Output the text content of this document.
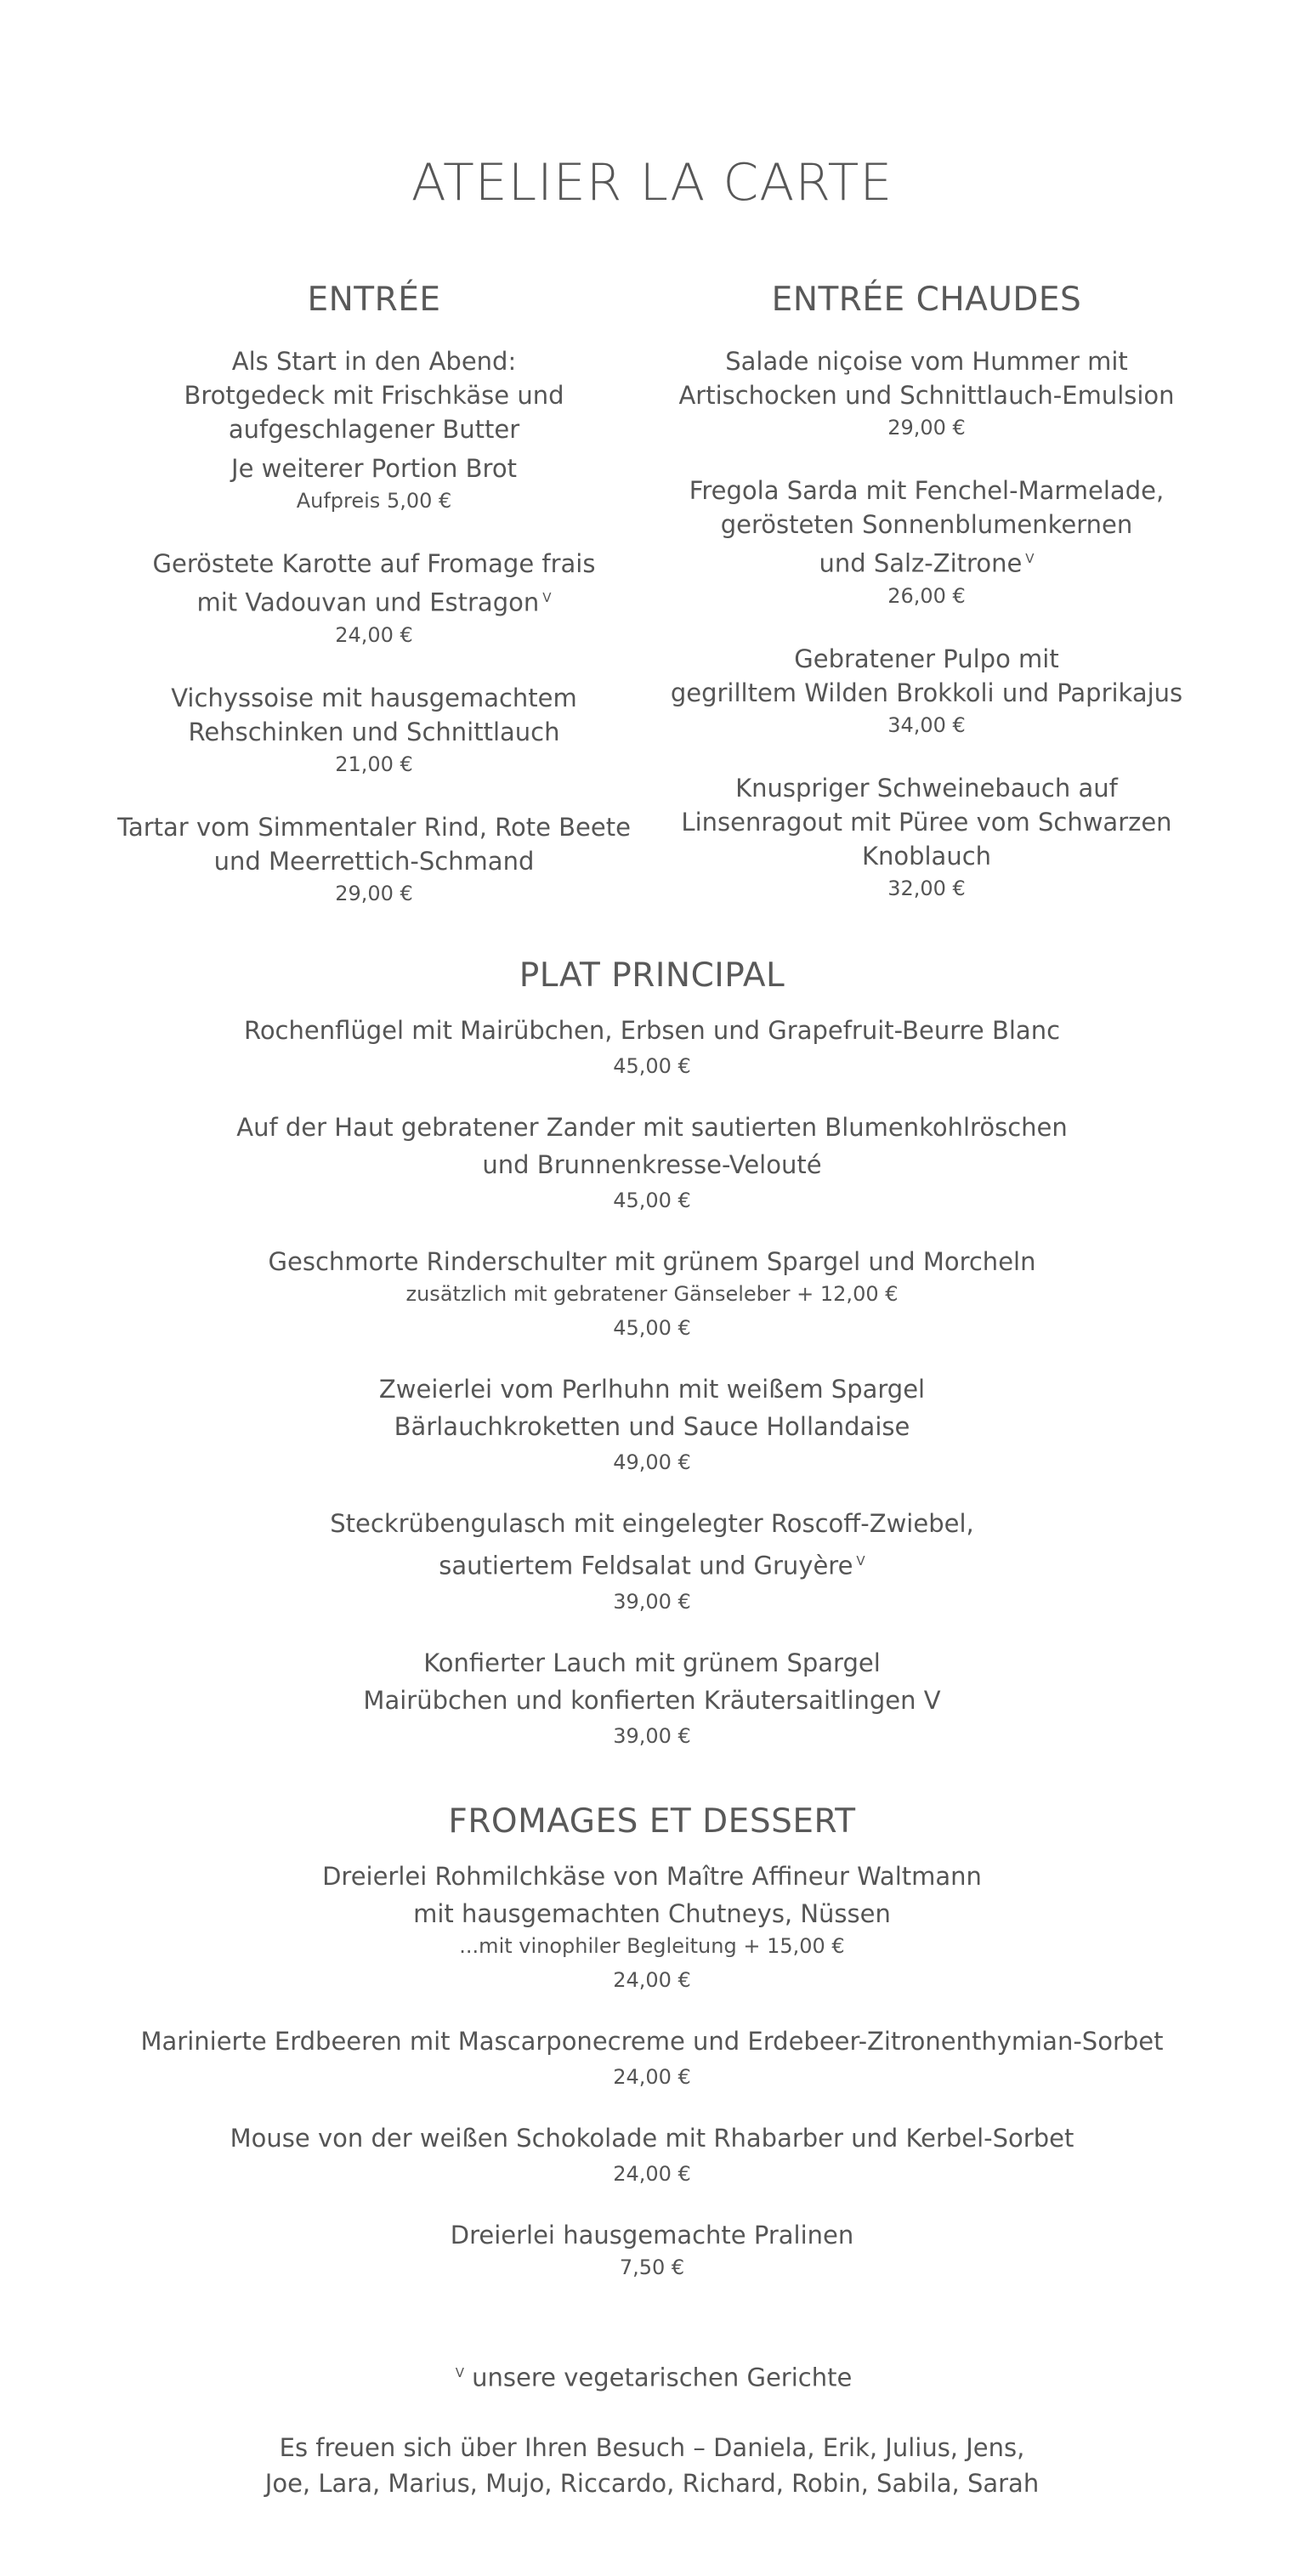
ATELIER LA CARTE
ENTRÉE
Als Start in den Abend:
Brotgedeck mit Frischkäse und
aufgeschlagener Butter
Je weiterer Portion Brot
Aufpreis 5,00 €
Geröstete Karotte auf Fromage frais
mit Vadouvan und Estragon $^V$
24,00 €
Vichyssoise mit hausgemachtem
Rehschinken und Schnittlauch
21,00 €
Tartar vom Simmentaler Rind, Rote Beete
und Meerrettich-Schmand
29,00 €
ENTRÉE CHAUDES
Salade niçoise vom Hummer mit
Artischocken und Schnittlauch-Emulsion
29,00 €
Fregola Sarda mit Fenchel-Marmelade,
gerösteten Sonnenblumenkernen
und Salz-Zitrone $^V$
26,00 €
Gebratener Pulpo mit
gegrilltem Wilden Brokkoli und Paprikajus
34,00 €
Knuspriger Schweinebauch auf
Linsenragout mit Püree vom Schwarzen
Knoblauch
32,00 €
PLAT PRINCIPAL
Rochenflügel mit Mairübchen, Erbsen und Grapefruit-Beurre Blanc
45,00 €
Auf der Haut gebratener Zander mit sautierten Blumenkohlröschen
und Brunnenkresse-Velouté
45,00 €
Geschmorte Rinderschulter mit grünem Spargel und Morcheln
zusätzlich mit gebratener Gänseleber + 12,00 €
45,00 €
Zweierlei vom Perlhuhn mit weißem Spargel
Bärlauchkroketten und Sauce Hollandaise
49,00 €
Steckrübengulasch mit eingelegter Roscoff-Zwiebel,
sautiertem Feldsalat und Gruyère $^V$
39,00 €
Konfierter Lauch mit grünem Spargel
Mairübchen und konfierten Kräutersaitlingen V
39,00 €
FROMAGES ET DESSERT
Dreierlei Rohmilchkäse von Maître Affineur Waltmann
mit hausgemachten Chutneys, Nüssen
...mit vinophiler Begleitung + 15,00 €
24,00 €
Marinierte Erdbeeren mit Mascarponecreme und Erdebeer-Zitronenthymian-Sorbet
24,00 €
Mouse von der weißen Schokolade mit Rhabarber und Kerbel-Sorbet
24,00 €
Dreierlei hausgemachte Pralinen
7,50 €
$^V$ unsere vegetarischen Gerichte
Es freuen sich über Ihren Besuch – Daniela, Erik, Julius, Jens,
Joe, Lara, Marius, Mujo, Riccardo, Richard, Robin, Sabila, Sarah
